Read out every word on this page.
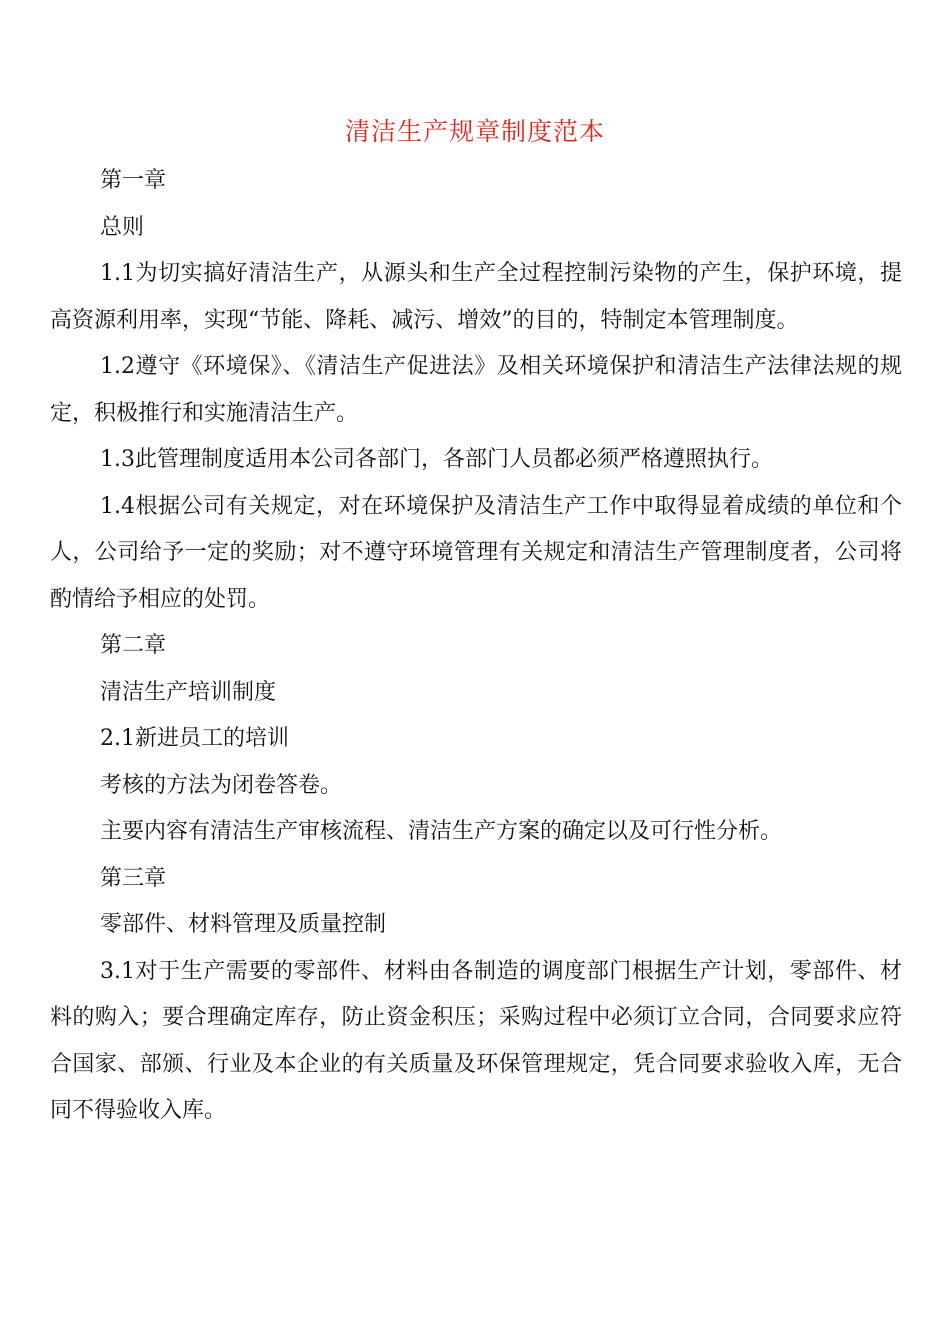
清洁生产规章制度范本

第一章

总则

1.1为切实搞好清洁生产，从源头和生产全过程控制污染物的产生，保护环境，提高资源利用率，实现“节能、降耗、减污、增效”的目的，特制定本管理制度。

1.2遵守《环境保》、《清洁生产促进法》及相关环境保护和清洁生产法律法规的规定，积极推行和实施清洁生产。

1.3此管理制度适用本公司各部门，各部门人员都必须严格遵照执行。

1.4根据公司有关规定，对在环境保护及清洁生产工作中取得显着成绩的单位和个人，公司给予一定的奖励；对不遵守环境管理有关规定和清洁生产管理制度者，公司将酌情给予相应的处罚。

第二章

清洁生产培训制度

2.1新进员工的培训

考核的方法为闭卷答卷。

主要内容有清洁生产审核流程、清洁生产方案的确定以及可行性分析。

第三章

零部件、材料管理及质量控制

3.1对于生产需要的零部件、材料由各制造的调度部门根据生产计划，零部件、材料的购入；要合理确定库存，防止资金积压；采购过程中必须订立合同，合同要求应符合国家、部颁、行业及本企业的有关质量及环保管理规定，凭合同要求验收入库，无合同不得验收入库。
